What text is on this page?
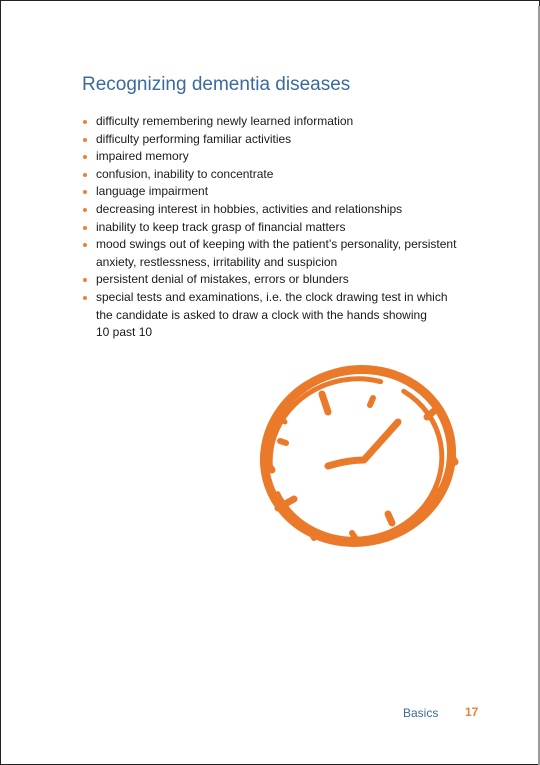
Recognizing dementia diseases
difficulty remembering newly learned information
difficulty performing familiar activities
impaired memory
confusion, inability to concentrate
language impairment
decreasing interest in hobbies, activities and relationships
inability to keep track grasp of financial matters
mood swings out of keeping with the patient’s personality, persistent
anxiety, restlessness, irritability and suspicion
persistent denial of mistakes, errors or blunders
special tests and examinations, i.e. the clock drawing test in which
the candidate is asked to draw a clock with the hands showing
10 past 10
Basics 17
